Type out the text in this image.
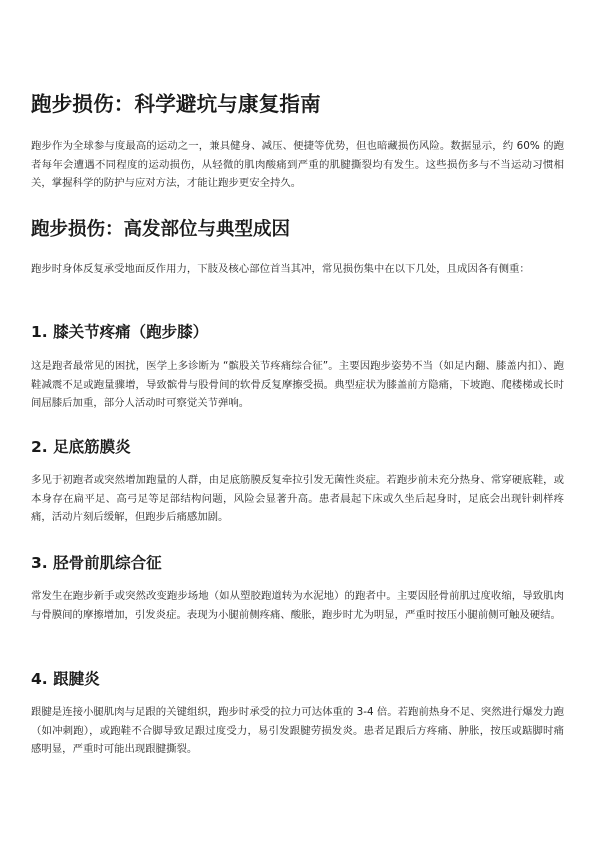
跑步损伤：科学避坑与康复指南

跑步作为全球参与度最高的运动之一，兼具健身、减压、便捷等优势，但也暗藏损伤风险。数据显示，约 60% 的跑者每年会遭遇不同程度的运动损伤，从轻微的肌肉酸痛到严重的肌腱撕裂均有发生。这些损伤多与不当运动习惯相关，掌握科学的防护与应对方法，才能让跑步更安全持久。

跑步损伤：高发部位与典型成因

跑步时身体反复承受地面反作用力，下肢及核心部位首当其冲，常见损伤集中在以下几处，且成因各有侧重：

1. 膝关节疼痛（跑步膝）

这是跑者最常见的困扰，医学上多诊断为 “髌股关节疼痛综合征”。主要因跑步姿势不当（如足内翻、膝盖内扣）、跑鞋减震不足或跑量骤增，导致髌骨与股骨间的软骨反复摩擦受损。典型症状为膝盖前方隐痛，下坡跑、爬楼梯或长时间屈膝后加重，部分人活动时可察觉关节弹响。

2. 足底筋膜炎

多见于初跑者或突然增加跑量的人群，由足底筋膜反复牵拉引发无菌性炎症。若跑步前未充分热身、常穿硬底鞋，或本身存在扁平足、高弓足等足部结构问题，风险会显著升高。患者晨起下床或久坐后起身时，足底会出现针刺样疼痛，活动片刻后缓解，但跑步后痛感加剧。

3. 胫骨前肌综合征

常发生在跑步新手或突然改变跑步场地（如从塑胶跑道转为水泥地）的跑者中。主要因胫骨前肌过度收缩，导致肌肉与骨膜间的摩擦增加，引发炎症。表现为小腿前侧疼痛、酸胀，跑步时尤为明显，严重时按压小腿前侧可触及硬结。

4. 跟腱炎

跟腱是连接小腿肌肉与足跟的关键组织，跑步时承受的拉力可达体重的 3-4 倍。若跑前热身不足、突然进行爆发力跑（如冲刺跑），或跑鞋不合脚导致足跟过度受力，易引发跟腱劳损发炎。患者足跟后方疼痛、肿胀，按压或踮脚时痛感明显，严重时可能出现跟腱撕裂。
